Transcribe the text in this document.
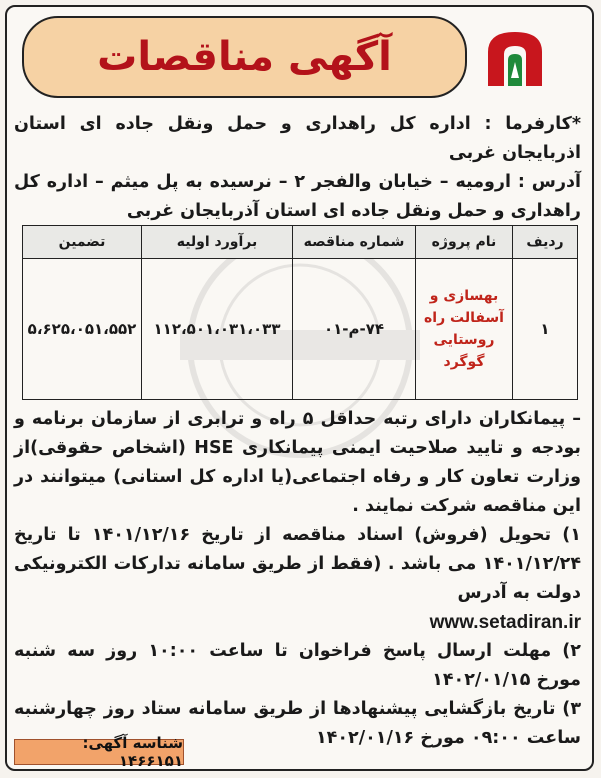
آگهی مناقصات
*کارفرما : اداره کل راهداری و حمل ونقل جاده ای استان اذربایجان غربی
آدرس : ارومیه – خیابان والفجر ۲ – نرسیده به پل میثم – اداره کل راهداری و حمل ونقل جاده ای استان آذربایجان غربی
ردیف	نام پروژه	شماره مناقصه	برآورد اولیه	تضمین
۱	بهسازی و آسفالت راه روستایی گوگرد	۷۴-م-۰۱	۱۱۲،۵۰۱،۰۳۱،۰۳۳	۵،۶۲۵،۰۵۱،۵۵۲
– پیمانکاران دارای رتبه حداقل ۵ راه و ترابری از سازمان برنامه و بودجه و تایید صلاحیت ایمنی پیمانکاری HSE (اشخاص حقوقی)از وزارت تعاون کار و رفاه اجتماعی(یا اداره کل استانی) میتوانند در این مناقصه شرکت نمایند .
۱) تحویل (فروش) اسناد مناقصه از تاریخ ۱۴۰۱/۱۲/۱۶ تا تاریخ ۱۴۰۱/۱۲/۲۴ می باشد . (فقط از طریق سامانه تدارکات الکترونیکی دولت به آدرس
www.setadiran.ir
۲) مهلت ارسال پاسخ فراخوان تا ساعت ۱۰:۰۰ روز سه شنبه مورخ ۱۴۰۲/۰۱/۱۵
۳) تاریخ بازگشایی پیشنهادها از طریق سامانه ستاد روز چهارشنبه ساعت ۰۹:۰۰ مورخ ۱۴۰۲/۰۱/۱۶
شناسه آگهی: ۱۴۶۶۱۵۱
